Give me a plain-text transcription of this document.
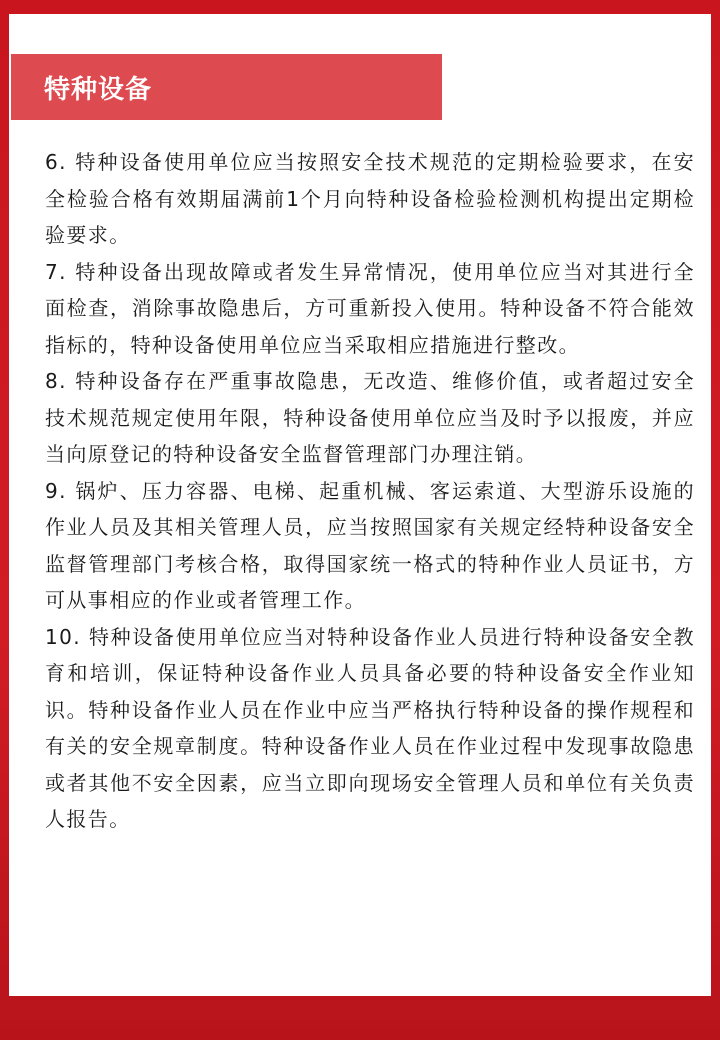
特种设备

6. 特种设备使用单位应当按照安全技术规范的定期检验要求，在安全检验合格有效期届满前1个月向特种设备检验检测机构提出定期检验要求。

7. 特种设备出现故障或者发生异常情况，使用单位应当对其进行全面检查，消除事故隐患后，方可重新投入使用。特种设备不符合能效指标的，特种设备使用单位应当采取相应措施进行整改。

8. 特种设备存在严重事故隐患，无改造、维修价值，或者超过安全技术规范规定使用年限，特种设备使用单位应当及时予以报废，并应当向原登记的特种设备安全监督管理部门办理注销。

9. 锅炉、压力容器、电梯、起重机械、客运索道、大型游乐设施的作业人员及其相关管理人员，应当按照国家有关规定经特种设备安全监督管理部门考核合格，取得国家统一格式的特种作业人员证书，方可从事相应的作业或者管理工作。

10. 特种设备使用单位应当对特种设备作业人员进行特种设备安全教育和培训，保证特种设备作业人员具备必要的特种设备安全作业知识。特种设备作业人员在作业中应当严格执行特种设备的操作规程和有关的安全规章制度。特种设备作业人员在作业过程中发现事故隐患或者其他不安全因素，应当立即向现场安全管理人员和单位有关负责人报告。
